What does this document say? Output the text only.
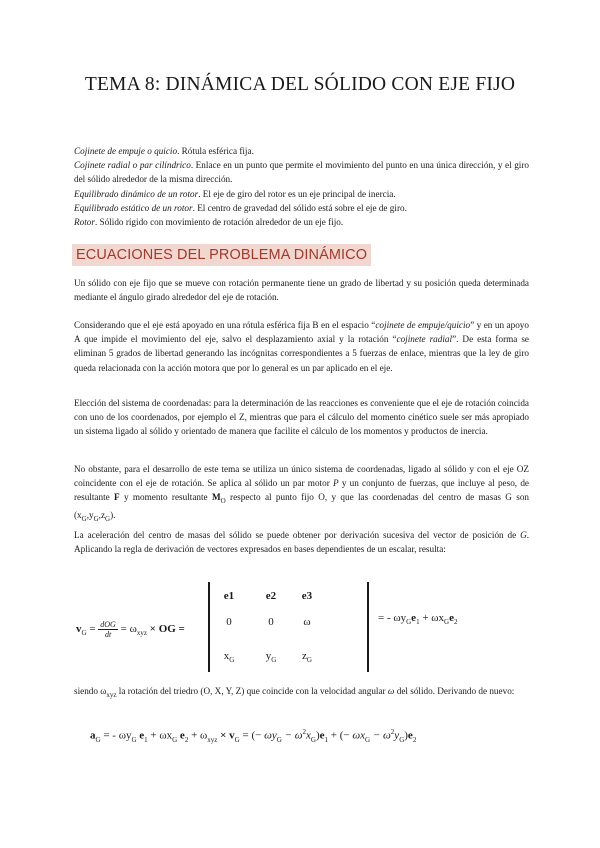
TEMA 8: DINÁMICA DEL SÓLIDO CON EJE FIJO

Cojinete de empuje o quicio. Rótula esférica fija.

Cojinete radial o par cilíndrico. Enlace en un punto que permite el movimiento del punto en una única dirección, y el giro del sólido alrededor de la misma dirección.

Equilibrado dinámico de un rotor. El eje de giro del rotor es un eje principal de inercia.

Equilibrado estático de un rotor. El centro de gravedad del sólido está sobre el eje de giro.

Rotor. Sólido rígido con movimiento de rotación alrededor de un eje fijo.

ECUACIONES DEL PROBLEMA DINÁMICO

Un sólido con eje fijo que se mueve con rotación permanente tiene un grado de libertad y su posición queda determinada mediante el ángulo girado alrededor del eje de rotación.

Considerando que el eje está apoyado en una rótula esférica fija B en el espacio “cojinete de empuje/quicio” y en un apoyo A que impide el movimiento del eje, salvo el desplazamiento axial y la rotación “cojinete radial”. De esta forma se eliminan 5 grados de libertad generando las incógnitas correspondientes a 5 fuerzas de enlace, mientras que la ley de giro queda relacionada con la acción motora que por lo general es un par aplicado en el eje.

Elección del sistema de coordenadas: para la determinación de las reacciones es conveniente que el eje de rotación coincida con uno de los coordenados, por ejemplo el Z, mientras que para el cálculo del momento cinético suele ser más apropiado un sistema ligado al sólido y orientado de manera que facilite el cálculo de los momentos y productos de inercia.

No obstante, para el desarrollo de este tema se utiliza un único sistema de coordenadas, ligado al sólido y con el eje OZ coincidente con el eje de rotación. Se aplica al sólido un par motor P y un conjunto de fuerzas, que incluye al peso, de resultante F y momento resultante $M_O$ respecto al punto fijo O, y que las coordenadas del centro de masas G son $(x_G,y_G,z_G)$.

La aceleración del centro de masas del sólido se puede obtener por derivación sucesiva del vector de posición de G. Aplicando la regla de derivación de vectores expresados en bases dependientes de un escalar, resulta:

$v_G = \frac{\text{dOG}}{dt} = \omega_{xyz}$ × OG =
e1	e2	e3
0	0	ω
$x_G$	$y_G$	$z_G$
= - $\omega y_Ge_1 + \omega x_Ge_2$

siendo $\omega_{xyz}$ la rotación del triedro (O, X, Y, Z) que coincide con la velocidad angular ω del sólido. Derivando de nuevo:

$a_G$ = - $\omega y_G$ $e_1 + \omega x_G$ $e_2 + \omega_{xyz} \times v_G$ = (− $\omega y_G - \omega^2x_G)e_1$ + (− $\omega x_G - \omega^2y_G)e_2$
